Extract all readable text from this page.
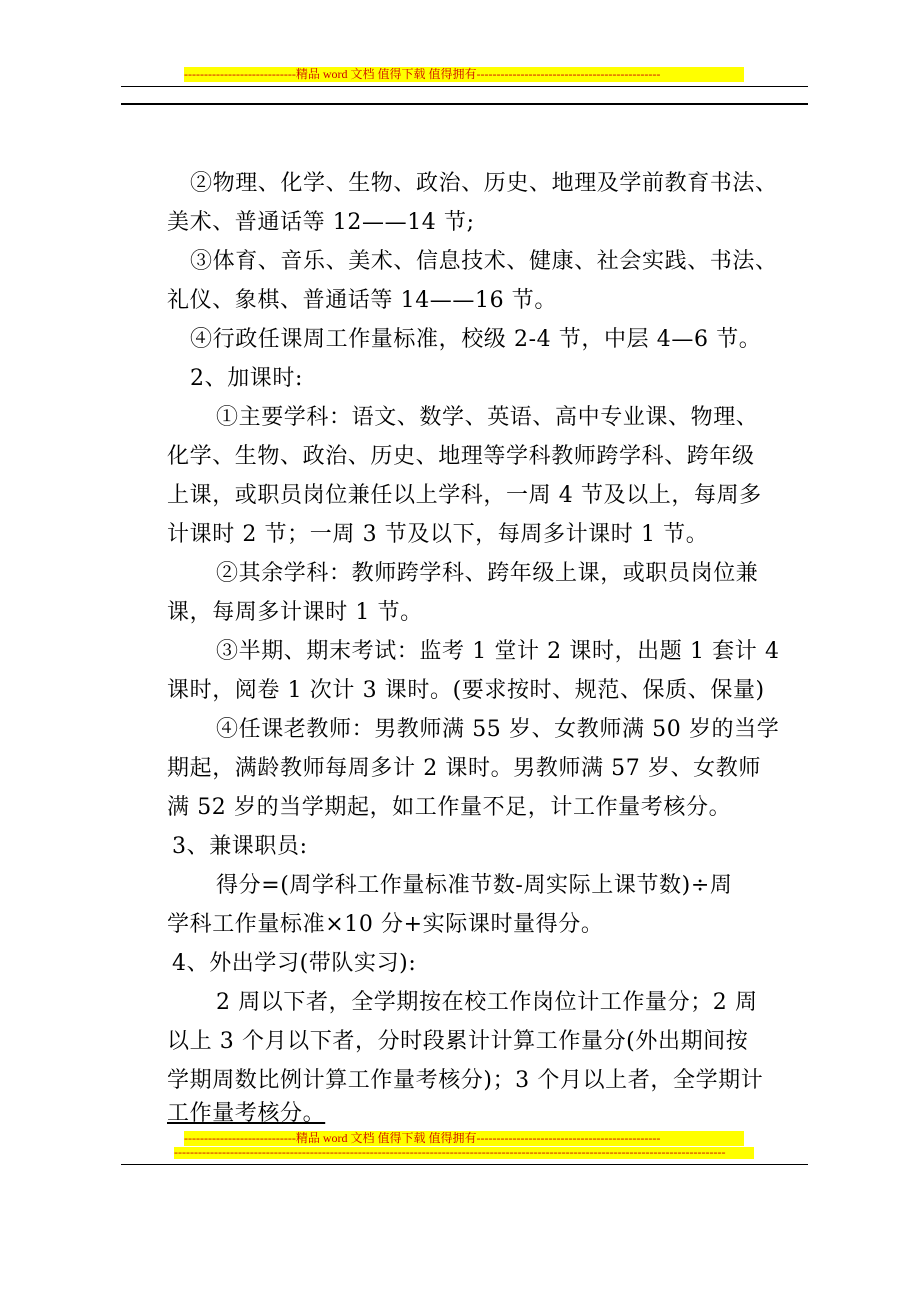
----------------------------精品 word 文档 值得下载 值得拥有----------------------------------------------
②物理、化学、生物、政治、历史、地理及学前教育书法、
美术、普通话等 12——14 节;
③体育、音乐、美术、信息技术、健康、社会实践、书法、
礼仪、象棋、普通话等 14——16 节。
④行政任课周工作量标准，校级 2-4 节，中层 4—6 节。
2、加课时:
①主要学科：语文、数学、英语、高中专业课、物理、
化学、生物、政治、历史、地理等学科教师跨学科、跨年级
上课，或职员岗位兼任以上学科，一周 4 节及以上，每周多
计课时 2 节；一周 3 节及以下，每周多计课时 1 节。
②其余学科：教师跨学科、跨年级上课，或职员岗位兼
课，每周多计课时 1 节。
③半期、期末考试：监考 1 堂计 2 课时，出题 1 套计 4
课时，阅卷 1 次计 3 课时。(要求按时、规范、保质、保量)
④任课老教师：男教师满 55 岁、女教师满 50 岁的当学
期起，满龄教师每周多计 2 课时。男教师满 57 岁、女教师
满 52 岁的当学期起，如工作量不足，计工作量考核分。
3、兼课职员:
得分=(周学科工作量标准节数-周实际上课节数)÷周
学科工作量标准×10 分+实际课时量得分。
4、外出学习(带队实习):
2 周以下者，全学期按在校工作岗位计工作量分；2 周
以上 3 个月以下者，分时段累计计算工作量分(外出期间按
学期周数比例计算工作量考核分)；3 个月以上者，全学期计
工作量考核分。
----------------------------精品 word 文档 值得下载 值得拥有----------------------------------------------
------------------------------------------------------------------------------------------------------------------------------------------
